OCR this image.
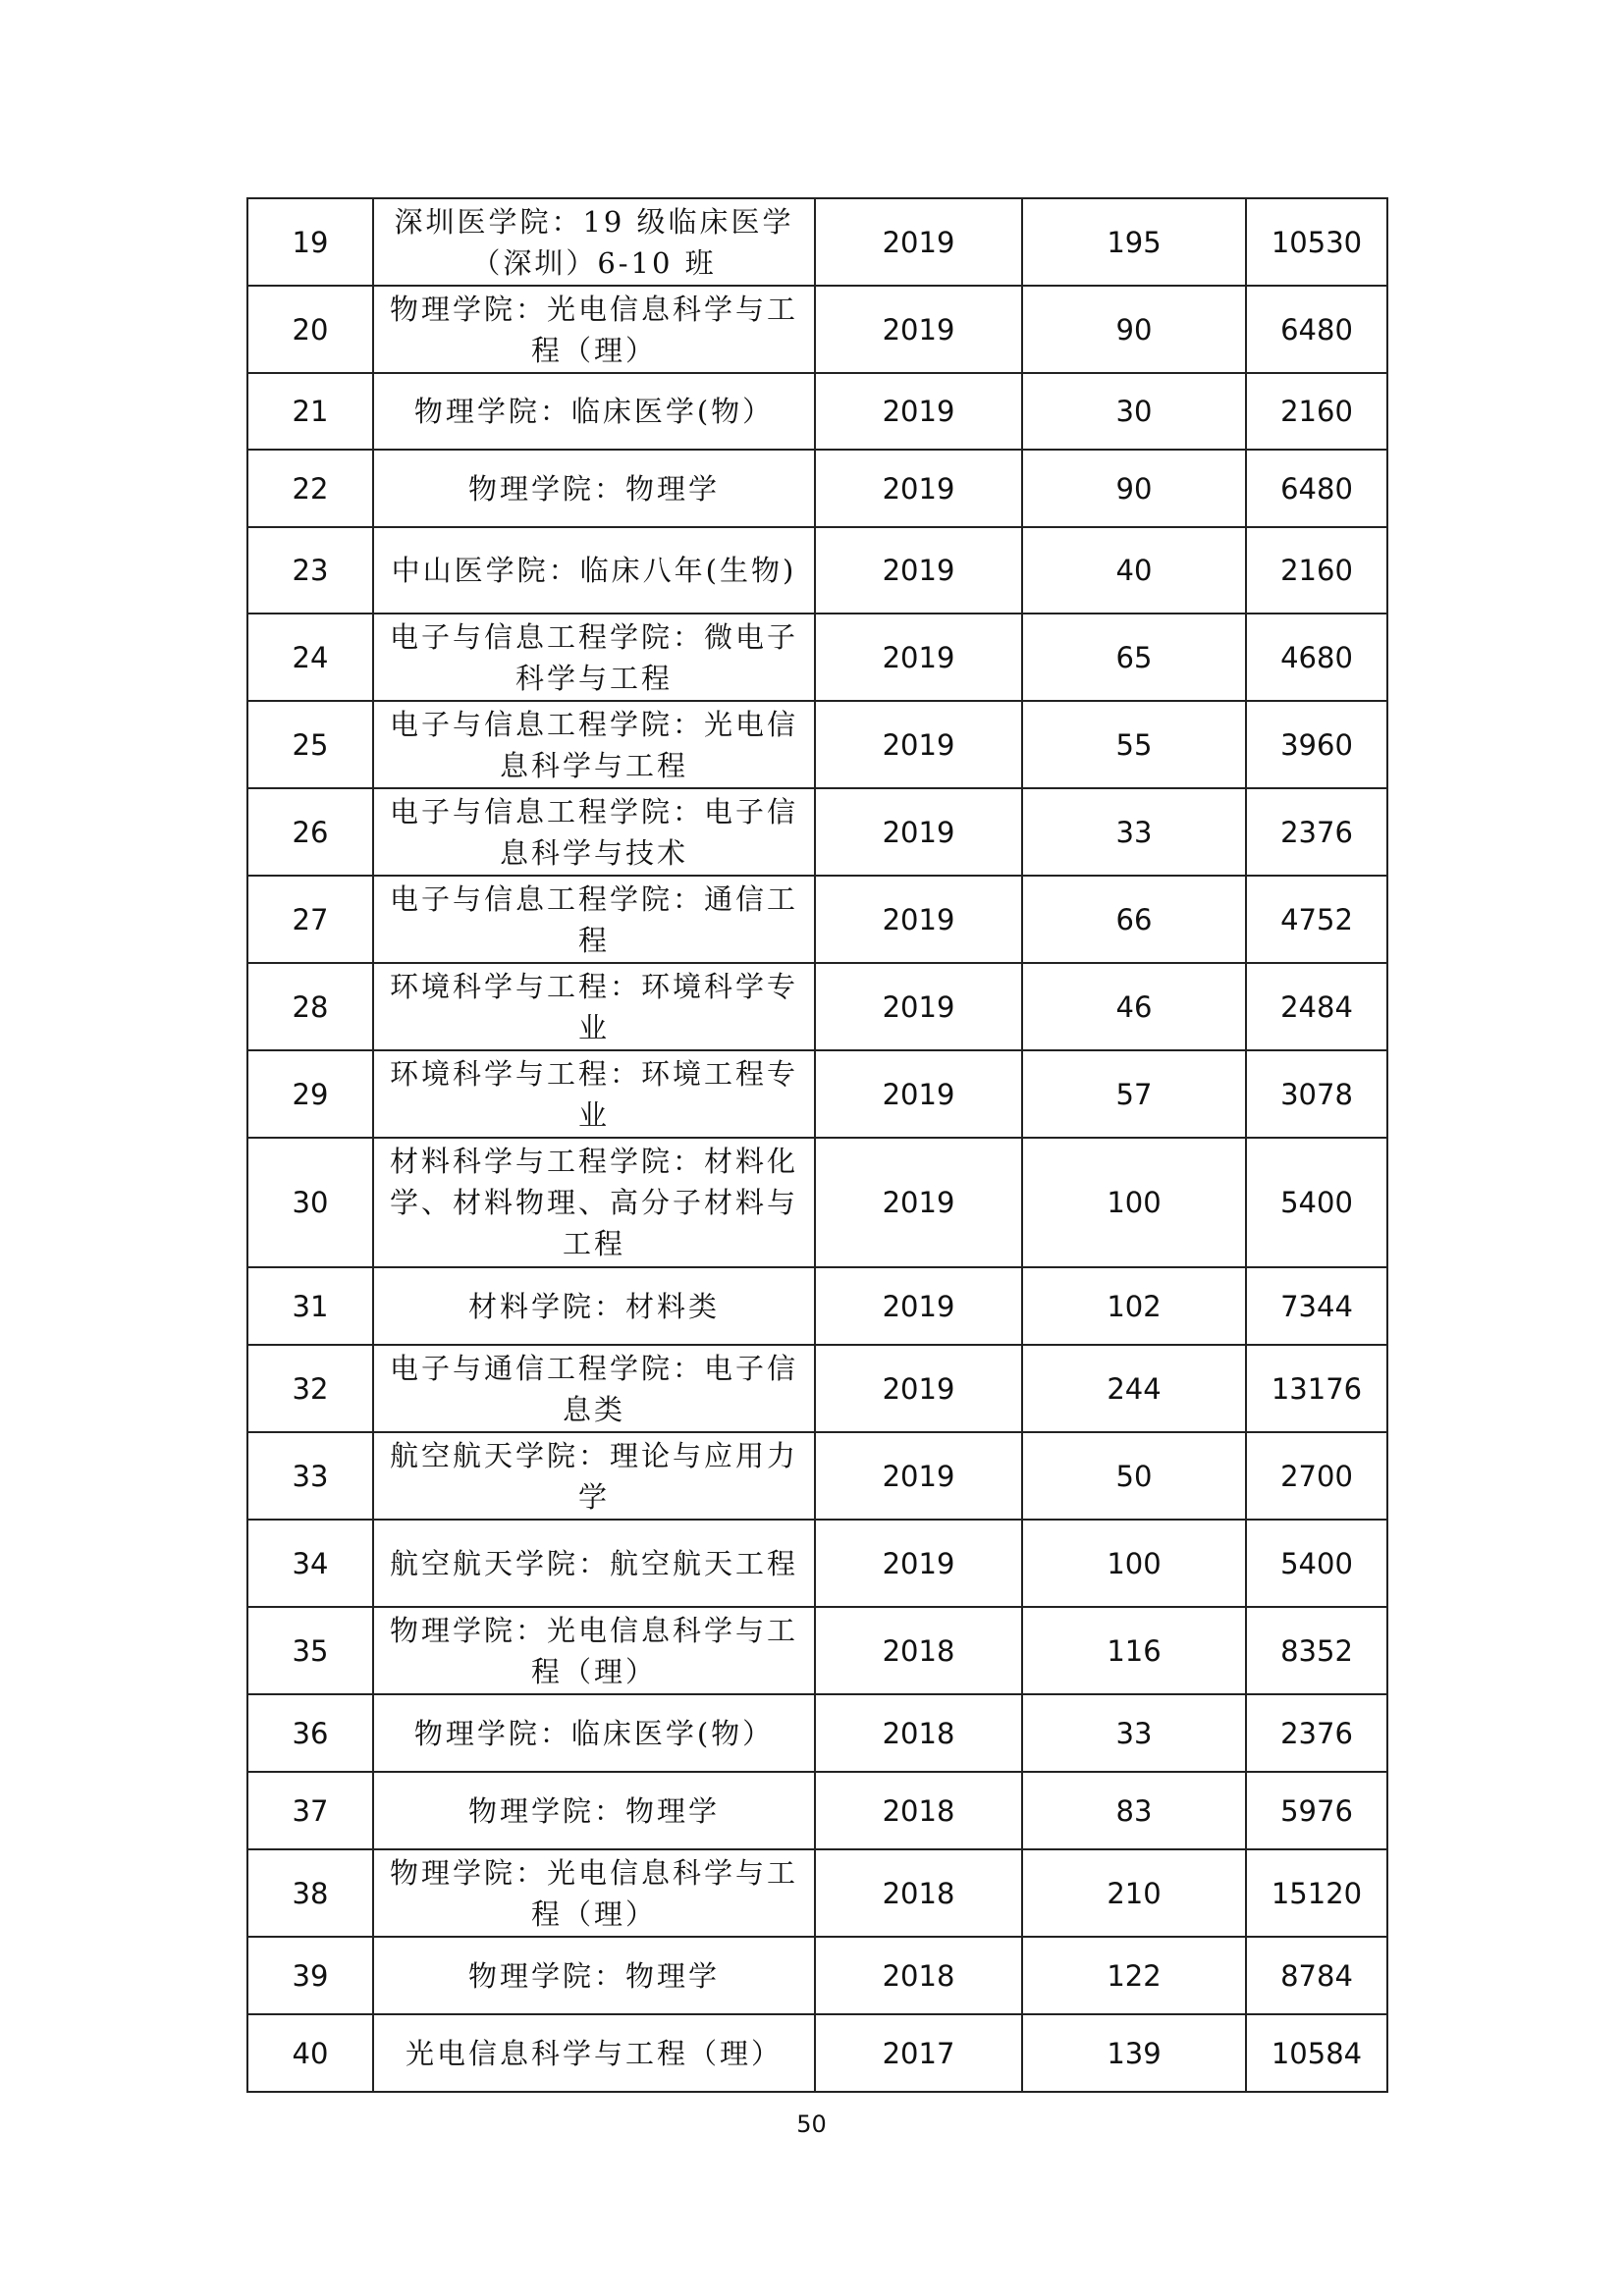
19	深圳医学院：19 级临床医学（深圳）6-10 班	2019	195	10530
20	物理学院：光电信息科学与工程（理）	2019	90	6480
21	物理学院：临床医学(物）	2019	30	2160
22	物理学院：物理学	2019	90	6480
23	中山医学院：临床八年(生物)	2019	40	2160
24	电子与信息工程学院：微电子科学与工程	2019	65	4680
25	电子与信息工程学院：光电信息科学与工程	2019	55	3960
26	电子与信息工程学院：电子信息科学与技术	2019	33	2376
27	电子与信息工程学院：通信工程	2019	66	4752
28	环境科学与工程：环境科学专业	2019	46	2484
29	环境科学与工程：环境工程专业	2019	57	3078
30	材料科学与工程学院：材料化学、材料物理、高分子材料与工程	2019	100	5400
31	材料学院：材料类	2019	102	7344
32	电子与通信工程学院：电子信息类	2019	244	13176
33	航空航天学院：理论与应用力学	2019	50	2700
34	航空航天学院：航空航天工程	2019	100	5400
35	物理学院：光电信息科学与工程（理）	2018	116	8352
36	物理学院：临床医学(物）	2018	33	2376
37	物理学院：物理学	2018	83	5976
38	物理学院：光电信息科学与工程（理）	2018	210	15120
39	物理学院：物理学	2018	122	8784
40	光电信息科学与工程（理）	2017	139	10584
50
